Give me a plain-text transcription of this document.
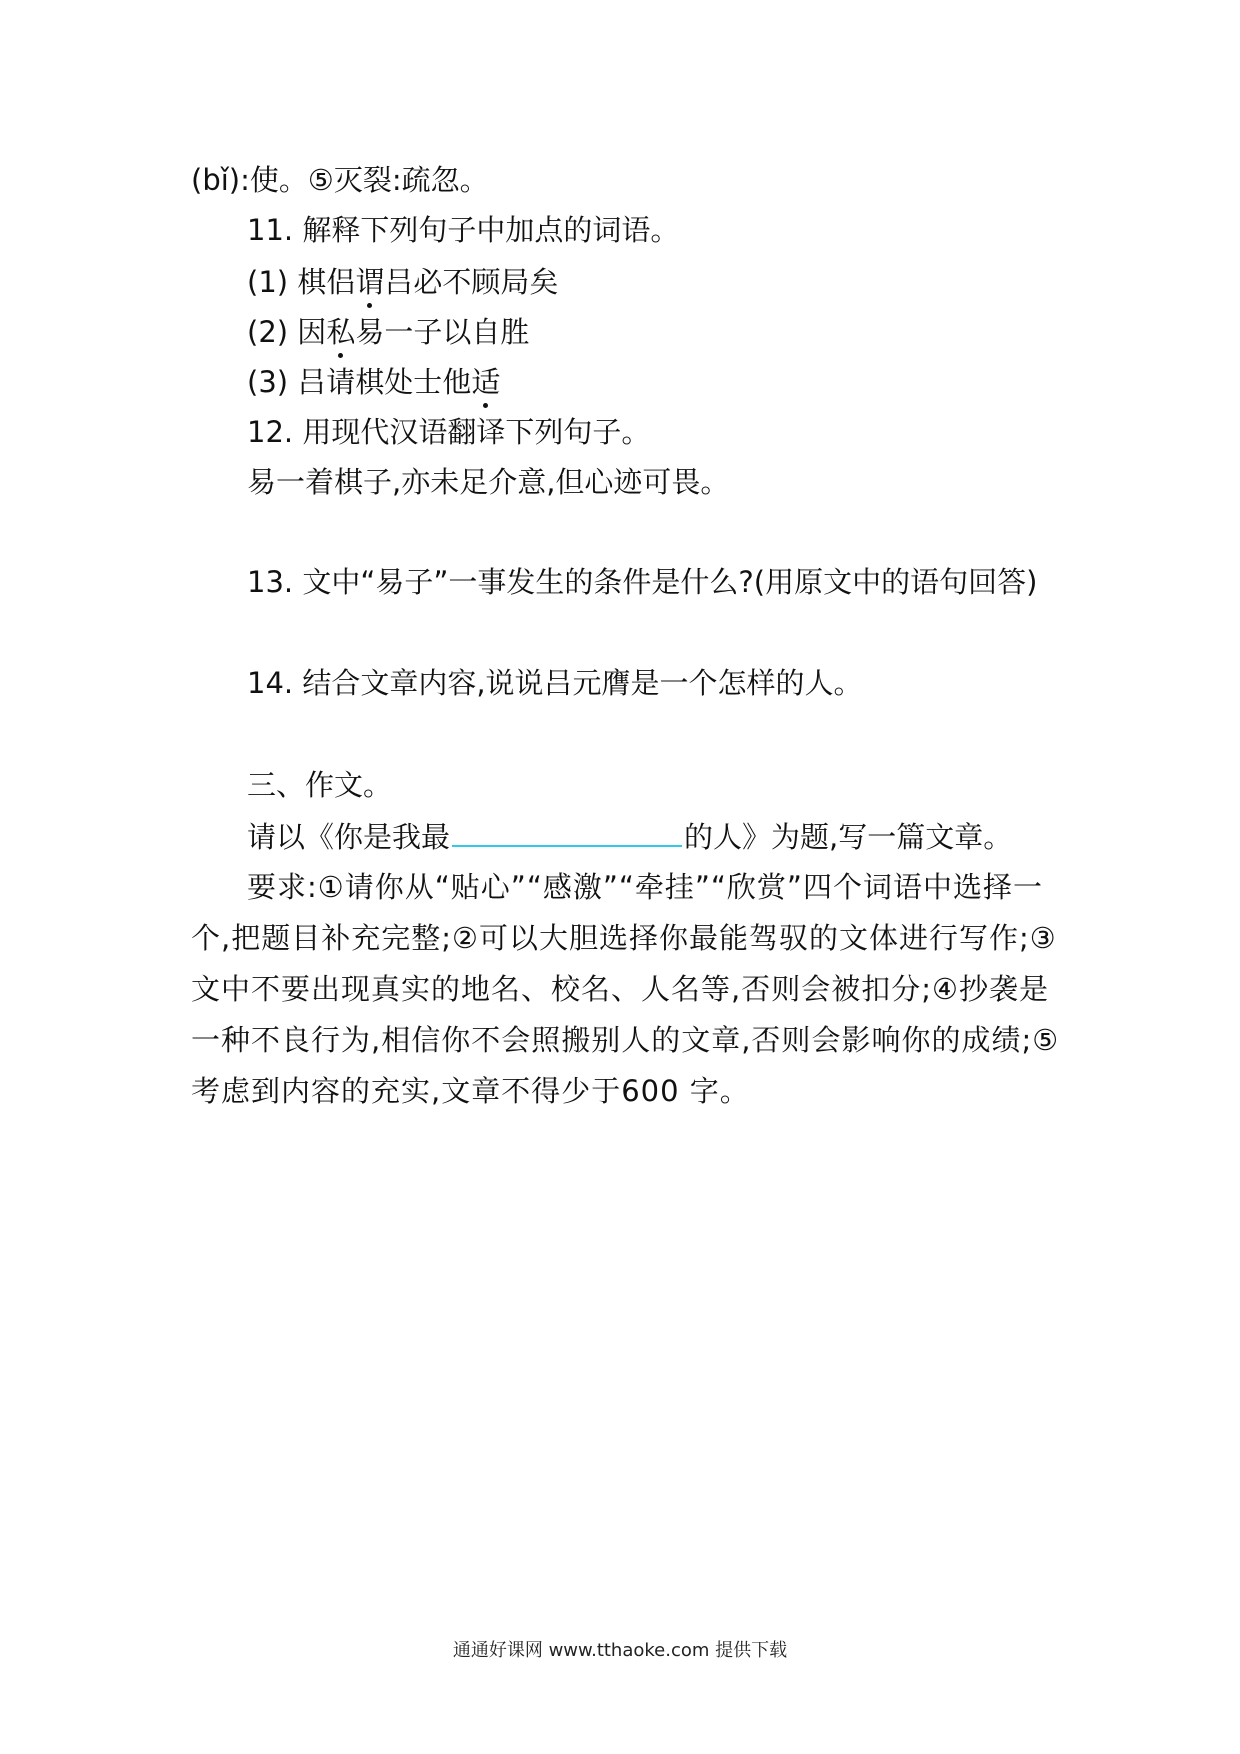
(bǐ):使。⑤灭裂:疏忽。
11. 解释下列句子中加点的词语。
(1) 棋侣谓吕必不顾局矣
(2) 因私易一子以自胜
(3) 吕请棋处士他适
12. 用现代汉语翻译下列句子。
易一着棋子,亦未足介意,但心迹可畏。
13. 文中“易子”一事发生的条件是什么?(用原文中的语句回答)
14. 结合文章内容,说说吕元膺是一个怎样的人。
三、作文。
请以《你是我最	的人》为题,写一篇文章。
要求:①请你从“贴心”“感激”“牵挂”“欣赏”四个词语中选择一个,把题目补充完整;②可以大胆选择你最能驾驭的文体进行写作;③文中不要出现真实的地名、校名、人名等,否则会被扣分;④抄袭是一种不良行为,相信你不会照搬别人的文章,否则会影响你的成绩;⑤考虑到内容的充实,文章不得少于600 字。
通通好课网 www.tthaoke.com 提供下载
